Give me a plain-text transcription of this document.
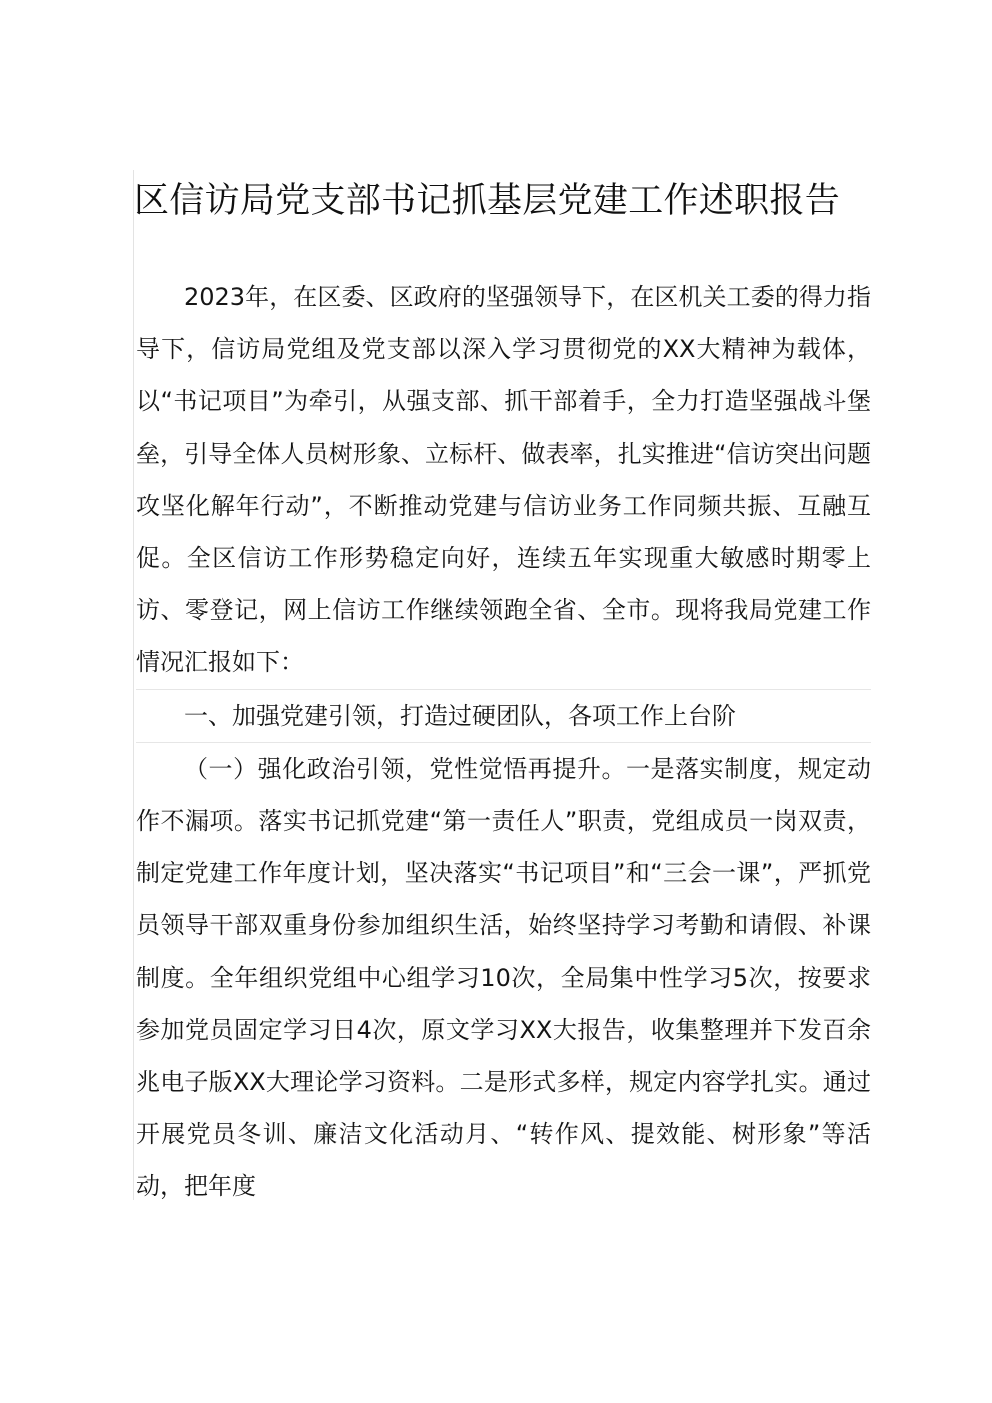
区信访局党支部书记抓基层党建工作述职报告

2023年，在区委、区政府的坚强领导下，在区机关工委的得力指导下，信访局党组及党支部以深入学习贯彻党的XX大精神为载体，以“书记项目”为牵引，从强支部、抓干部着手，全力打造坚强战斗堡垒，引导全体人员树形象、立标杆、做表率，扎实推进“信访突出问题攻坚化解年行动”，不断推动党建与信访业务工作同频共振、互融互促。全区信访工作形势稳定向好，连续五年实现重大敏感时期零上访、零登记，网上信访工作继续领跑全省、全市。现将我局党建工作情况汇报如下：

一、加强党建引领，打造过硬团队，各项工作上台阶

（一）强化政治引领，党性觉悟再提升。一是落实制度，规定动作不漏项。落实书记抓党建“第一责任人”职责，党组成员一岗双责，制定党建工作年度计划，坚决落实“书记项目”和“三会一课”，严抓党员领导干部双重身份参加组织生活，始终坚持学习考勤和请假、补课制度。全年组织党组中心组学习10次，全局集中性学习5次，按要求参加党员固定学习日4次，原文学习XX大报告，收集整理并下发百余兆电子版XX大理论学习资料。二是形式多样，规定内容学扎实。通过开展党员冬训、廉洁文化活动月、“转作风、提效能、树形象”等活动，把年度
